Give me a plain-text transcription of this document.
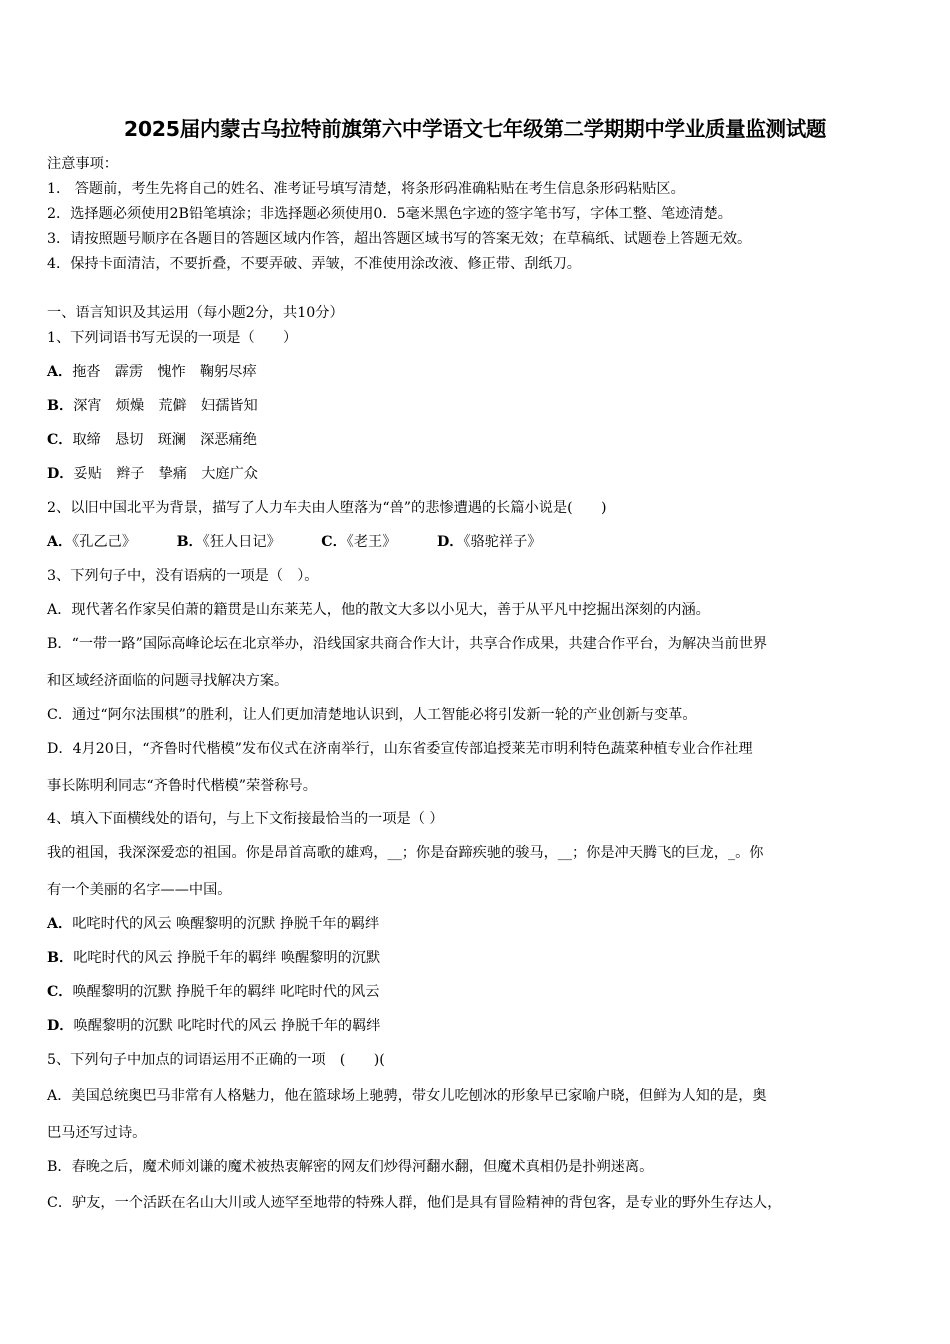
2025届内蒙古乌拉特前旗第六中学语文七年级第二学期期中学业质量监测试题
注意事项：
1． 答题前，考生先将自己的姓名、准考证号填写清楚，将条形码准确粘贴在考生信息条形码粘贴区。
2．选择题必须使用2B铅笔填涂；非选择题必须使用0．5毫米黑色字迹的签字笔书写，字体工整、笔迹清楚。
3．请按照题号顺序在各题目的答题区域内作答，超出答题区域书写的答案无效；在草稿纸、试题卷上答题无效。
4．保持卡面清洁，不要折叠，不要弄破、弄皱，不准使用涂改液、修正带、刮纸刀。
一、语言知识及其运用（每小题2分，共10分）
1、下列词语书写无误的一项是（　　）
A．拖沓　霹雳　愧怍　鞠躬尽瘁
B．深宵　烦燥　荒僻　妇孺皆知
C．取缔　恳切　斑澜　深恶痛绝
D．妥贴　辫子　挚痛　大庭广众
2、以旧中国北平为背景，描写了人力车夫由人堕落为“兽”的悲惨遭遇的长篇小说是(　　)
A．《孔乙己》	B．《狂人日记》	C．《老王》	D．《骆驼祥子》
3、下列句子中，没有语病的一项是（　）。
A．现代著名作家吴伯萧的籍贯是山东莱芜人，他的散文大多以小见大，善于从平凡中挖掘出深刻的内涵。
B．“一带一路”国际高峰论坛在北京举办，沿线国家共商合作大计，共享合作成果，共建合作平台，为解决当前世界
和区域经济面临的问题寻找解决方案。
C．通过“阿尔法围棋”的胜利，让人们更加清楚地认识到，人工智能必将引发新一轮的产业创新与变革。
D．4月20日，“齐鲁时代楷模”发布仪式在济南举行，山东省委宣传部追授莱芜市明利特色蔬菜种植专业合作社理
事长陈明利同志“齐鲁时代楷模”荣誉称号。
4、填入下面横线处的语句，与上下文衔接最恰当的一项是（ ）
我的祖国，我深深爱恋的祖国。你是昂首高歌的雄鸡，__；你是奋蹄疾驰的骏马，__；你是冲天腾飞的巨龙，_。你
有一个美丽的名字——中国。
A．叱咤时代的风云 唤醒黎明的沉默 挣脱千年的羁绊
B．叱咤时代的风云 挣脱千年的羁绊 唤醒黎明的沉默
C．唤醒黎明的沉默 挣脱千年的羁绊 叱咤时代的风云
D．唤醒黎明的沉默 叱咤时代的风云 挣脱千年的羁绊
5、下列句子中加点的词语运用不正确的一项　(　　)(
A．美国总统奥巴马非常有人格魅力，他在篮球场上驰骋，带女儿吃刨冰的形象早已家喻户晓，但鲜为人知的是，奥
巴马还写过诗。
B．春晚之后，魔术师刘谦的魔术被热衷解密的网友们炒得河翻水翻，但魔术真相仍是扑朔迷离。
C．驴友，一个活跃在名山大川或人迹罕至地带的特殊人群，他们是具有冒险精神的背包客，是专业的野外生存达人，
